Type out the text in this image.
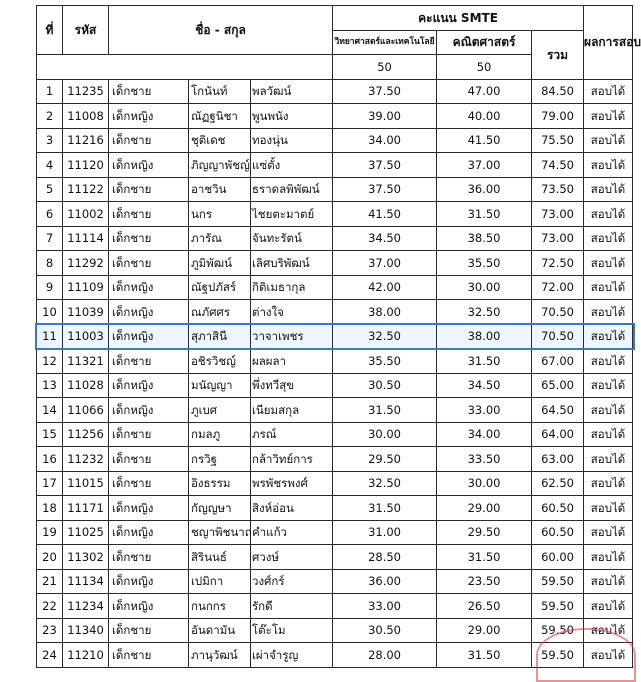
ที่	รหัส	ชื่อ - สกุล			คะแนน SMTE			ผลการสอบ
					วิทยาศาสตร์และเทคโนโลยี	คณิตศาสตร์	รวม	
					50	50		
1	11235	เด็กชาย	โกนันท์	พลวัฒน์	37.50	47.00	84.50	สอบได้
2	11008	เด็กหญิง	ณัฏฐนิชา	พูนพนัง	39.00	40.00	79.00	สอบได้
3	11216	เด็กชาย	ชุติเดช	ทองนุ่น	34.00	41.50	75.50	สอบได้
4	11120	เด็กหญิง	ภิญญาพัชญ์	แซ่ตั้ง	37.50	37.00	74.50	สอบได้
5	11122	เด็กชาย	อาชวิน	ธราดลพิพัฒน์	37.50	36.00	73.50	สอบได้
6	11002	เด็กชาย	นกร	ไชยตะมาตย์	41.50	31.50	73.00	สอบได้
7	11114	เด็กชาย	ภารัณ	จันทะรัตน์	34.50	38.50	73.00	สอบได้
8	11292	เด็กชาย	ภูมิพัฒน์	เลิศบริพัฒน์	37.00	35.50	72.50	สอบได้
9	11109	เด็กหญิง	ณัฐปภัสร์	กิติเมธากุล	42.00	30.00	72.00	สอบได้
10	11039	เด็กหญิง	ณภัศศร	ต่างใจ	38.00	32.50	70.50	สอบได้
11	11003	เด็กหญิง	สุภาสินี	วาจาเพชร	32.50	38.00	70.50	สอบได้
12	11321	เด็กชาย	อชิรวิชญ์	ผลผลา	35.50	31.50	67.00	สอบได้
13	11028	เด็กหญิง	มนัญญา	พึ่งทวีสุข	30.50	34.50	65.00	สอบได้
14	11066	เด็กหญิง	ภูเบศ	เนียมสกุล	31.50	33.00	64.50	สอบได้
15	11256	เด็กชาย	กมลภู	ภรณ์	30.00	34.00	64.00	สอบได้
16	11232	เด็กชาย	กรวิฐ	กล้าวิทย์การ	29.50	33.50	63.00	สอบได้
17	11015	เด็กชาย	อิงธรรม	พรพัชรพงศ์	32.50	30.00	62.50	สอบได้
18	11171	เด็กหญิง	กัญญษา	สิงห์อ่อน	31.50	29.00	60.50	สอบได้
19	11025	เด็กหญิง	ชญาพิชนาถ	คำแก้ว	31.00	29.50	60.50	สอบได้
20	11302	เด็กชาย	สิรินนธ์	ศวงษ์	28.50	31.50	60.00	สอบได้
21	11134	เด็กหญิง	เปมิกา	วงศ์กร์	36.00	23.50	59.50	สอบได้
22	11234	เด็กหญิง	กนกกร	รักดี	33.00	26.50	59.50	สอบได้
23	11340	เด็กชาย	อันดามัน	โต๊ะโม	30.50	29.00	59.50	สอบได้
24	11210	เด็กชาย	ภานุวัฒน์	เผ่าจำรูญ	28.00	31.50	59.50	สอบได้
